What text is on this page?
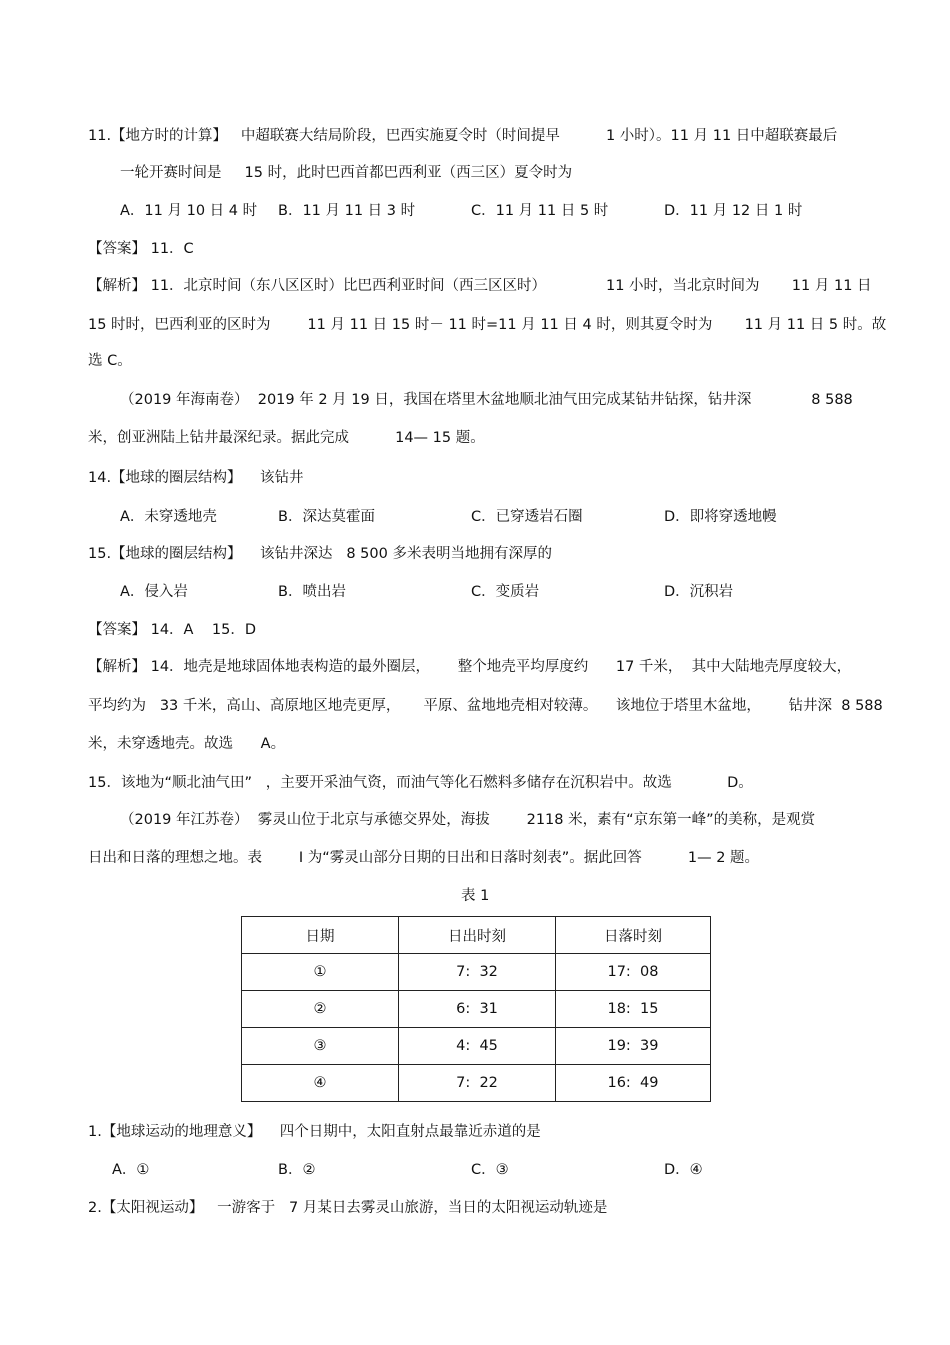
11.【地方时的计算】   中超联赛大结局阶段，巴西实施夏令时（时间提早          1 小时）。11 月 11 日中超联赛最后
一轮开赛时间是     15 时，此时巴西首都巴西利亚（西三区）夏令时为
A．11 月 10 日 4 时 B．11 月 11 日 3 时	C．11 月 11 日 5 时	D．11 月 12 日 1 时
【答案】 11．C
【解析】 11．北京时间（东八区区时）比巴西利亚时间（西三区区时）             11 小时，当北京时间为       11 月 11 日
15 时时，巴西利亚的区时为        11 月 11 日 15 时－ 11 时=11 月 11 日 4 时，则其夏令时为       11 月 11 日 5 时。故
选 C。
（2019 年海南卷）  2019 年 2 月 19 日，我国在塔里木盆地顺北油气田完成某钻井钻探，钻井深             8 588
米，创亚洲陆上钻井最深纪录。据此完成          14— 15 题。
14.【地球的圈层结构】    该钻井
A．未穿透地壳	B．深达莫霍面	C．已穿透岩石圈	D．即将穿透地幔
15.【地球的圈层结构】    该钻井深达   8 500 多米表明当地拥有深厚的
A．侵入岩	B．喷出岩	C．变质岩	D．沉积岩
【答案】 14．A    15．D
【解析】 14．地壳是地球固体地表构造的最外圈层，      整个地壳平均厚度约      17 千米，  其中大陆地壳厚度较大，
平均约为   33 千米，高山、高原地区地壳更厚，     平原、盆地地壳相对较薄。    该地位于塔里木盆地，      钻井深  8 588
米，未穿透地壳。故选      A。
15．该地为“顺北油气田”   ，主要开采油气资，而油气等化石燃料多储存在沉积岩中。故选            D。
（2019 年江苏卷）  雾灵山位于北京与承德交界处，海拔        2118 米，素有“京东第一峰”的美称，是观赏
日出和日落的理想之地。表        I 为“雾灵山部分日期的日出和日落时刻表”。据此回答          1— 2 题。
表 1
日期	日出时刻	日落时刻
①	7:  32	17:  08
②	6:  31	18:  15
③	4:  45	19:  39
④	7:  22	16:  49
1.【地球运动的地理意义】    四个日期中，太阳直射点最靠近赤道的是
A．①	B．②	C．③	D．④
2.【太阳视运动】   一游客于   7 月某日去雾灵山旅游，当日的太阳视运动轨迹是
